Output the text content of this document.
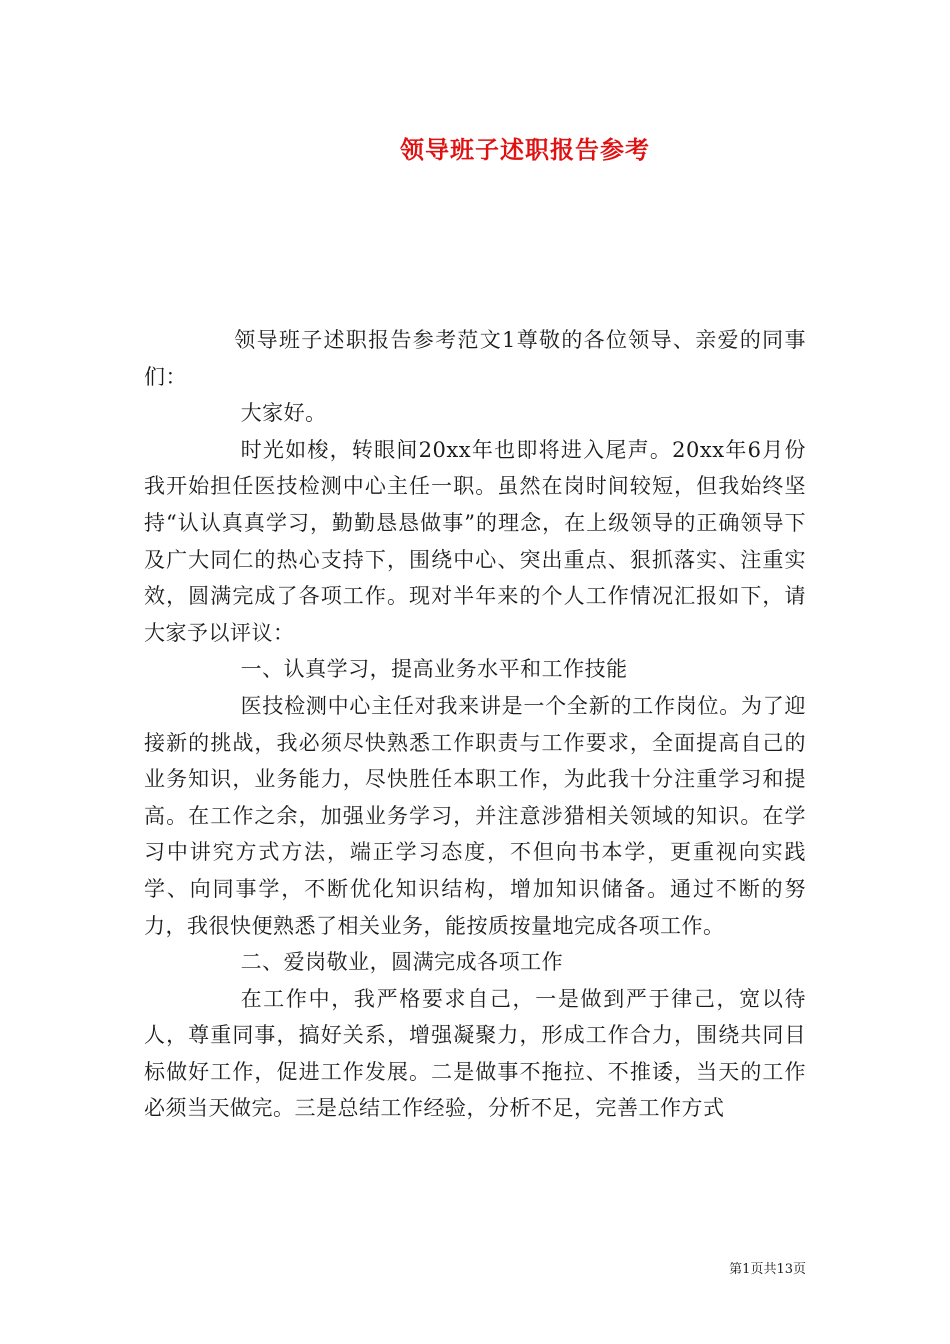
领导班子述职报告参考

领导班子述职报告参考范文1尊敬的各位领导、亲爱的同事们：

大家好。

时光如梭，转眼间20xx年也即将进入尾声。20xx年6月份我开始担任医技检测中心主任一职。虽然在岗时间较短，但我始终坚持“认认真真学习，勤勤恳恳做事”的理念，在上级领导的正确领导下及广大同仁的热心支持下，围绕中心、突出重点、狠抓落实、注重实效，圆满完成了各项工作。现对半年来的个人工作情况汇报如下，请大家予以评议：

一、认真学习，提高业务水平和工作技能

医技检测中心主任对我来讲是一个全新的工作岗位。为了迎接新的挑战，我必须尽快熟悉工作职责与工作要求，全面提高自己的业务知识，业务能力，尽快胜任本职工作，为此我十分注重学习和提高。在工作之余，加强业务学习，并注意涉猎相关领域的知识。在学习中讲究方式方法，端正学习态度，不但向书本学，更重视向实践学、向同事学，不断优化知识结构，增加知识储备。通过不断的努力，我很快便熟悉了相关业务，能按质按量地完成各项工作。

二、爱岗敬业，圆满完成各项工作

在工作中，我严格要求自己，一是做到严于律己，宽以待人，尊重同事，搞好关系，增强凝聚力，形成工作合力，围绕共同目标做好工作，促进工作发展。二是做事不拖拉、不推诿，当天的工作必须当天做完。三是总结工作经验，分析不足，完善工作方式

第1页共13页
